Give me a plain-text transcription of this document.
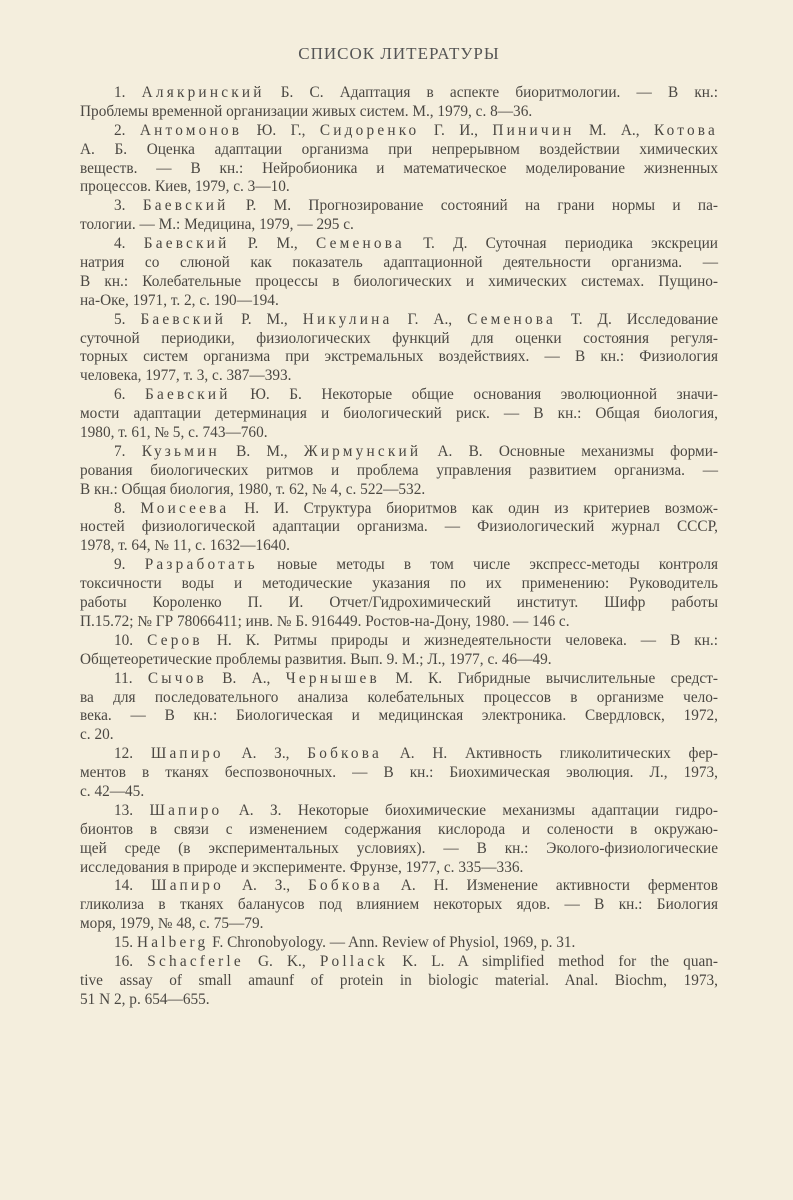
СПИСОК ЛИТЕРАТУРЫ
1. Алякринский Б. С. Адаптация в аспекте биоритмологии. — В кн.:
Проблемы временной организации живых систем. М., 1979, с. 8—36.
2. Антомонов Ю. Г., Сидоренко Г. И., Пиничин М. А., Котова
А. Б. Оценка адаптации организма при непрерывном воздействии химических
веществ. — В кн.: Нейробионика и математическое моделирование жизненных
процессов. Киев, 1979, с. 3—10.
3. Баевский Р. М. Прогнозирование состояний на грани нормы и па-
тологии. — М.: Медицина, 1979, — 295 с.
4. Баевский Р. М., Семенова Т. Д. Суточная периодика экскреции
натрия со слюной как показатель адаптационной деятельности организма. —
В кн.: Колебательные процессы в биологических и химических системах. Пущино-
на-Оке, 1971, т. 2, с. 190—194.
5. Баевский Р. М., Никулина Г. А., Семенова Т. Д. Исследование
суточной периодики, физиологических функций для оценки состояния регуля-
торных систем организма при экстремальных воздействиях. — В кн.: Физиология
человека, 1977, т. 3, с. 387—393.
6. Баевский Ю. Б. Некоторые общие основания эволюционной значи-
мости адаптации детерминация и биологический риск. — В кн.: Общая биология,
1980, т. 61, № 5, с. 743—760.
7. Кузьмин В. М., Жирмунский А. В. Основные механизмы форми-
рования биологических ритмов и проблема управления развитием организма. —
В кн.: Общая биология, 1980, т. 62, № 4, с. 522—532.
8. Моисеева Н. И. Структура биоритмов как один из критериев возмож-
ностей физиологической адаптации организма. — Физиологический журнал СССР,
1978, т. 64, № 11, с. 1632—1640.
9. Разработать новые методы в том числе экспресс-методы контроля
токсичности воды и методические указания по их применению: Руководитель
работы Короленко П. И. Отчет/Гидрохимический институт. Шифр работы
П.15.72; № ГР 78066411; инв. № Б. 916449. Ростов-на-Дону, 1980. — 146 с.
10. Серов Н. К. Ритмы природы и жизнедеятельности человека. — В кн.:
Общетеоретические проблемы развития. Вып. 9. М.; Л., 1977, с. 46—49.
11. Сычов В. А., Чернышев М. К. Гибридные вычислительные средст-
ва для последовательного анализа колебательных процессов в организме чело-
века. — В кн.: Биологическая и медицинская электроника. Свердловск, 1972,
с. 20.
12. Шапиро А. З., Бобкова А. Н. Активность гликолитических фер-
ментов в тканях беспозвоночных. — В кн.: Биохимическая эволюция. Л., 1973,
с. 42—45.
13. Шапиро А. З. Некоторые биохимические механизмы адаптации гидро-
бионтов в связи с изменением содержания кислорода и солености в окружаю-
щей среде (в экспериментальных условиях). — В кн.: Эколого-физиологические
исследования в природе и эксперименте. Фрунзе, 1977, с. 335—336.
14. Шапиро А. З., Бобкова А. Н. Изменение активности ферментов
гликолиза в тканях баланусов под влиянием некоторых ядов. — В кн.: Биология
моря, 1979, № 48, с. 75—79.
15. Halberg F. Chronobyology. — Ann. Review of Physiol, 1969, p. 31.
16. Schacferle G. K., Pollack K. L. A simplified method for the quan-
tive assay of small amaunf of protein in biologic material. Anal. Biochm, 1973,
51 N 2, p. 654—655.
